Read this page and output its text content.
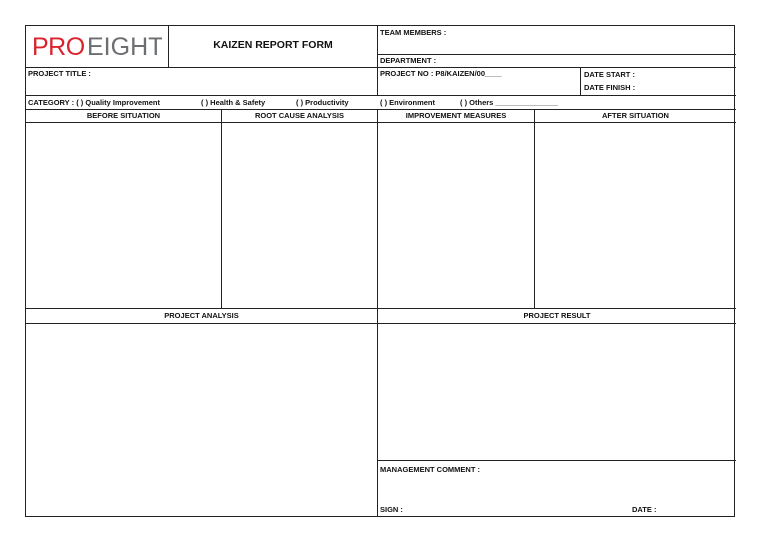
PRO EIGHT	KAIZEN REPORT FORM
TEAM MEMBERS :
DEPARTMENT :
PROJECT TITLE :	PROJECT NO : P8/KAIZEN/00____	DATE START :
DATE FINISH :
CATEGORY : ( ) Quality Improvement	( ) Health & Safety	( ) Productivity	( ) Environment	( ) Others _______________
BEFORE SITUATION	ROOT CAUSE ANALYSIS	IMPROVEMENT MEASURES	AFTER SITUATION
PROJECT ANALYSIS	PROJECT RESULT
MANAGEMENT COMMENT :
SIGN :	DATE :
